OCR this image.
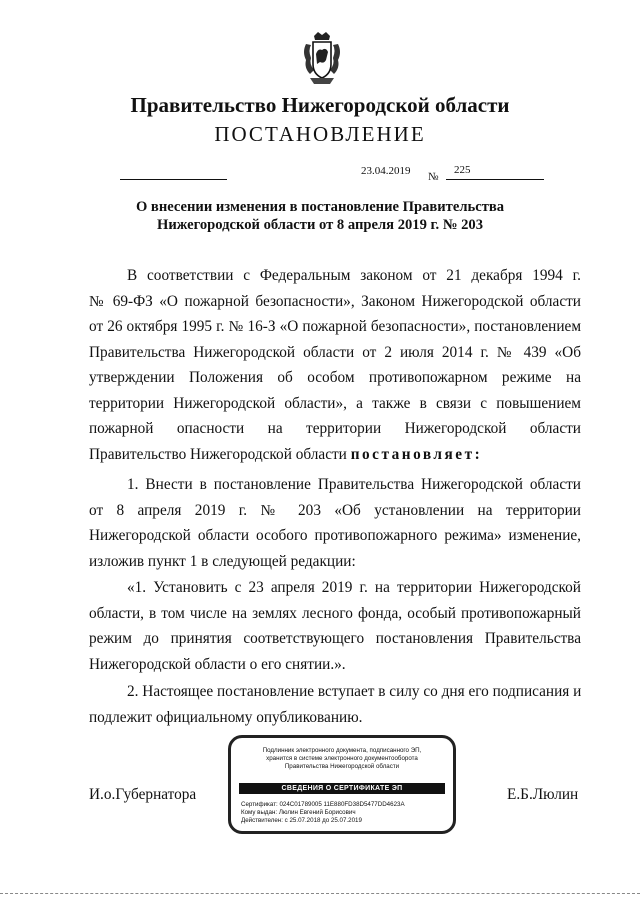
Правительство Нижегородской области
ПОСТАНОВЛЕНИЕ
23.04.2019 №
225
О внесении изменения в постановление Правительства
Нижегородской области от 8 апреля 2019 г. № 203
В соответствии с Федеральным законом от 21 декабря 1994 г.
№ 69-ФЗ «О пожарной безопасности», Законом Нижегородской области
от 26 октября 1995 г. № 16-З «О пожарной безопасности», постановлением
Правительства Нижегородской области от 2 июля 2014 г. № 439 «Об
утверждении Положения об особом противопожарном режиме на
территории Нижегородской области», а также в связи с повышением
пожарной опасности на территории Нижегородской области
Правительство Нижегородской области постановляет:
1. Внести в постановление Правительства Нижегородской области
от 8 апреля 2019 г. № 203 «Об установлении на территории
Нижегородской области особого противопожарного режима» изменение,
изложив пункт 1 в следующей редакции:
«1. Установить с 23 апреля 2019 г. на территории Нижегородской
области, в том числе на землях лесного фонда, особый противопожарный
режим до принятия соответствующего постановления Правительства
Нижегородской области о его снятии.».
2. Настоящее постановление вступает в силу со дня его подписания и
подлежит официальному опубликованию.
И.о.Губернатора	Е.Б.Люлин
Подлинник электронного документа, подписанного ЭП,
хранится в системе электронного документооборота
Правительства Нижегородской области
СВЕДЕНИЯ О СЕРТИФИКАТЕ ЭП
Сертификат: 024C01789005 11E880FD38D5477DD4623A
Кому выдан: Люлин Евгений Борисович
Действителен: с 25.07.2018 до 25.07.2019
